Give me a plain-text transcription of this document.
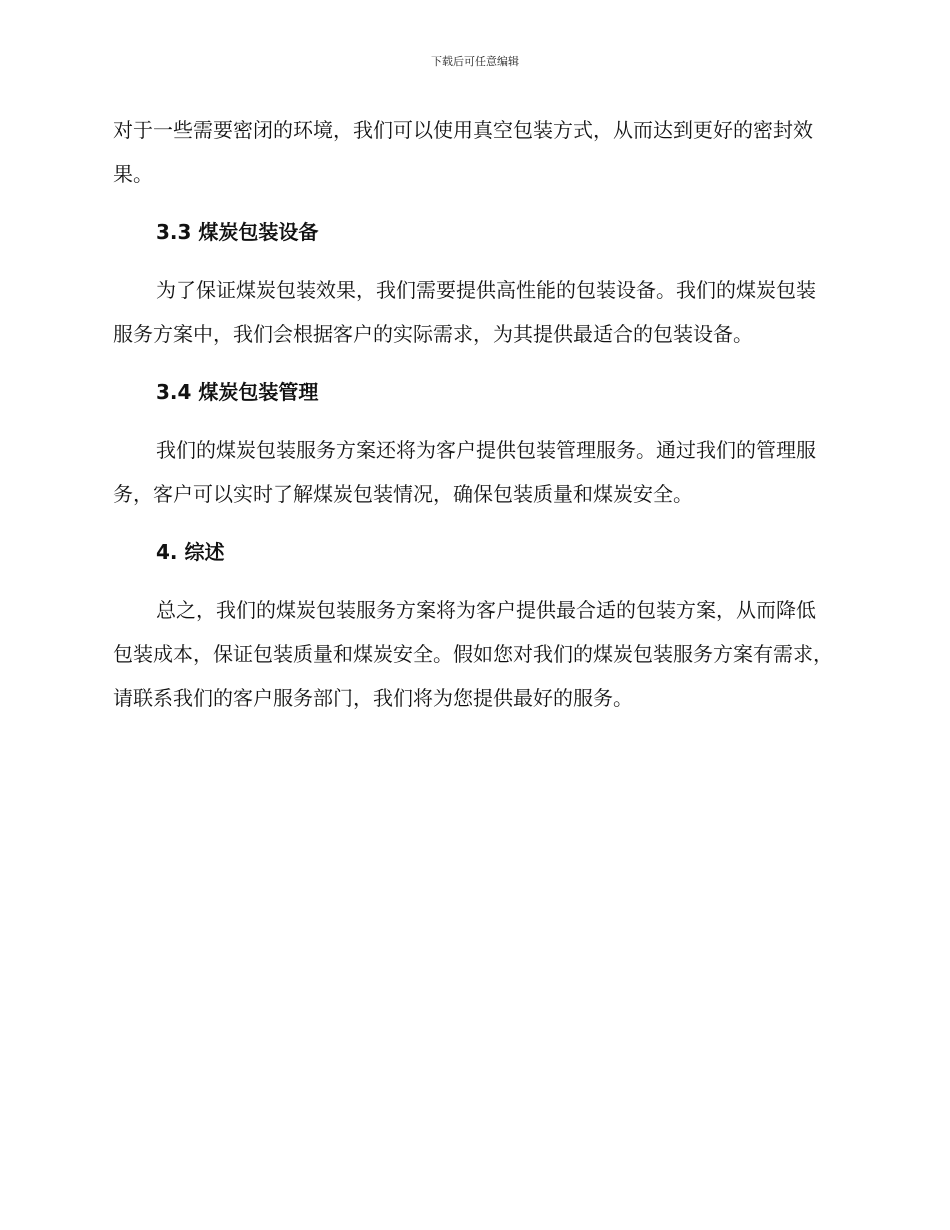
下载后可任意编辑

对于一些需要密闭的环境，我们可以使用真空包装方式，从而达到更好的密封效果。

3.3 煤炭包装设备

为了保证煤炭包装效果，我们需要提供高性能的包装设备。我们的煤炭包装服务方案中，我们会根据客户的实际需求，为其提供最适合的包装设备。

3.4 煤炭包装管理

我们的煤炭包装服务方案还将为客户提供包装管理服务。通过我们的管理服务，客户可以实时了解煤炭包装情况，确保包装质量和煤炭安全。

4. 综述

总之，我们的煤炭包装服务方案将为客户提供最合适的包装方案，从而降低包装成本，保证包装质量和煤炭安全。假如您对我们的煤炭包装服务方案有需求，请联系我们的客户服务部门，我们将为您提供最好的服务。
